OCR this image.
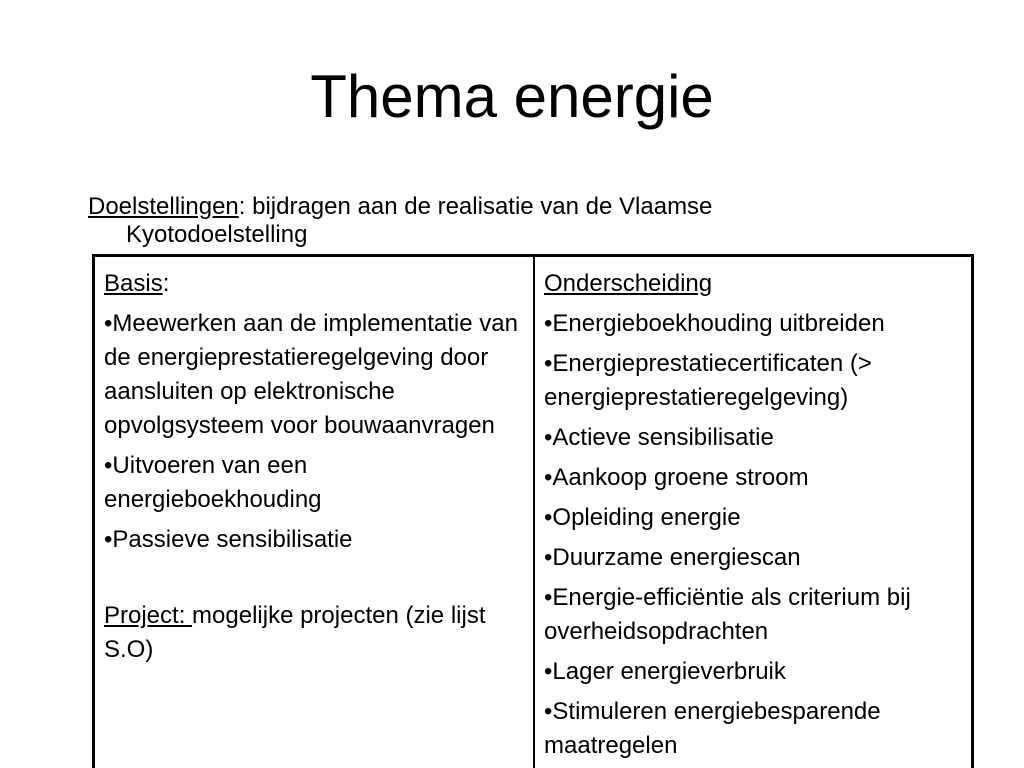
Thema energie
Doelstellingen: bijdragen aan de realisatie van de Vlaamse
Kyotodoelstelling

Basis:

•Meewerken aan de implementatie van de energieprestatieregelgeving door aansluiten op elektronische opvolgsysteem voor bouwaanvragen

•Uitvoeren van een energieboekhouding

•Passieve sensibilisatie

Project: mogelijke projecten (zie lijst S.O)

Onderscheiding

•Energieboekhouding uitbreiden

•Energieprestatiecertificaten (> energieprestatieregelgeving)

•Actieve sensibilisatie

•Aankoop groene stroom

•Opleiding energie

•Duurzame energiescan

•Energie-efficiëntie als criterium bij overheidsopdrachten

•Lager energieverbruik

•Stimuleren energiebesparende maatregelen
